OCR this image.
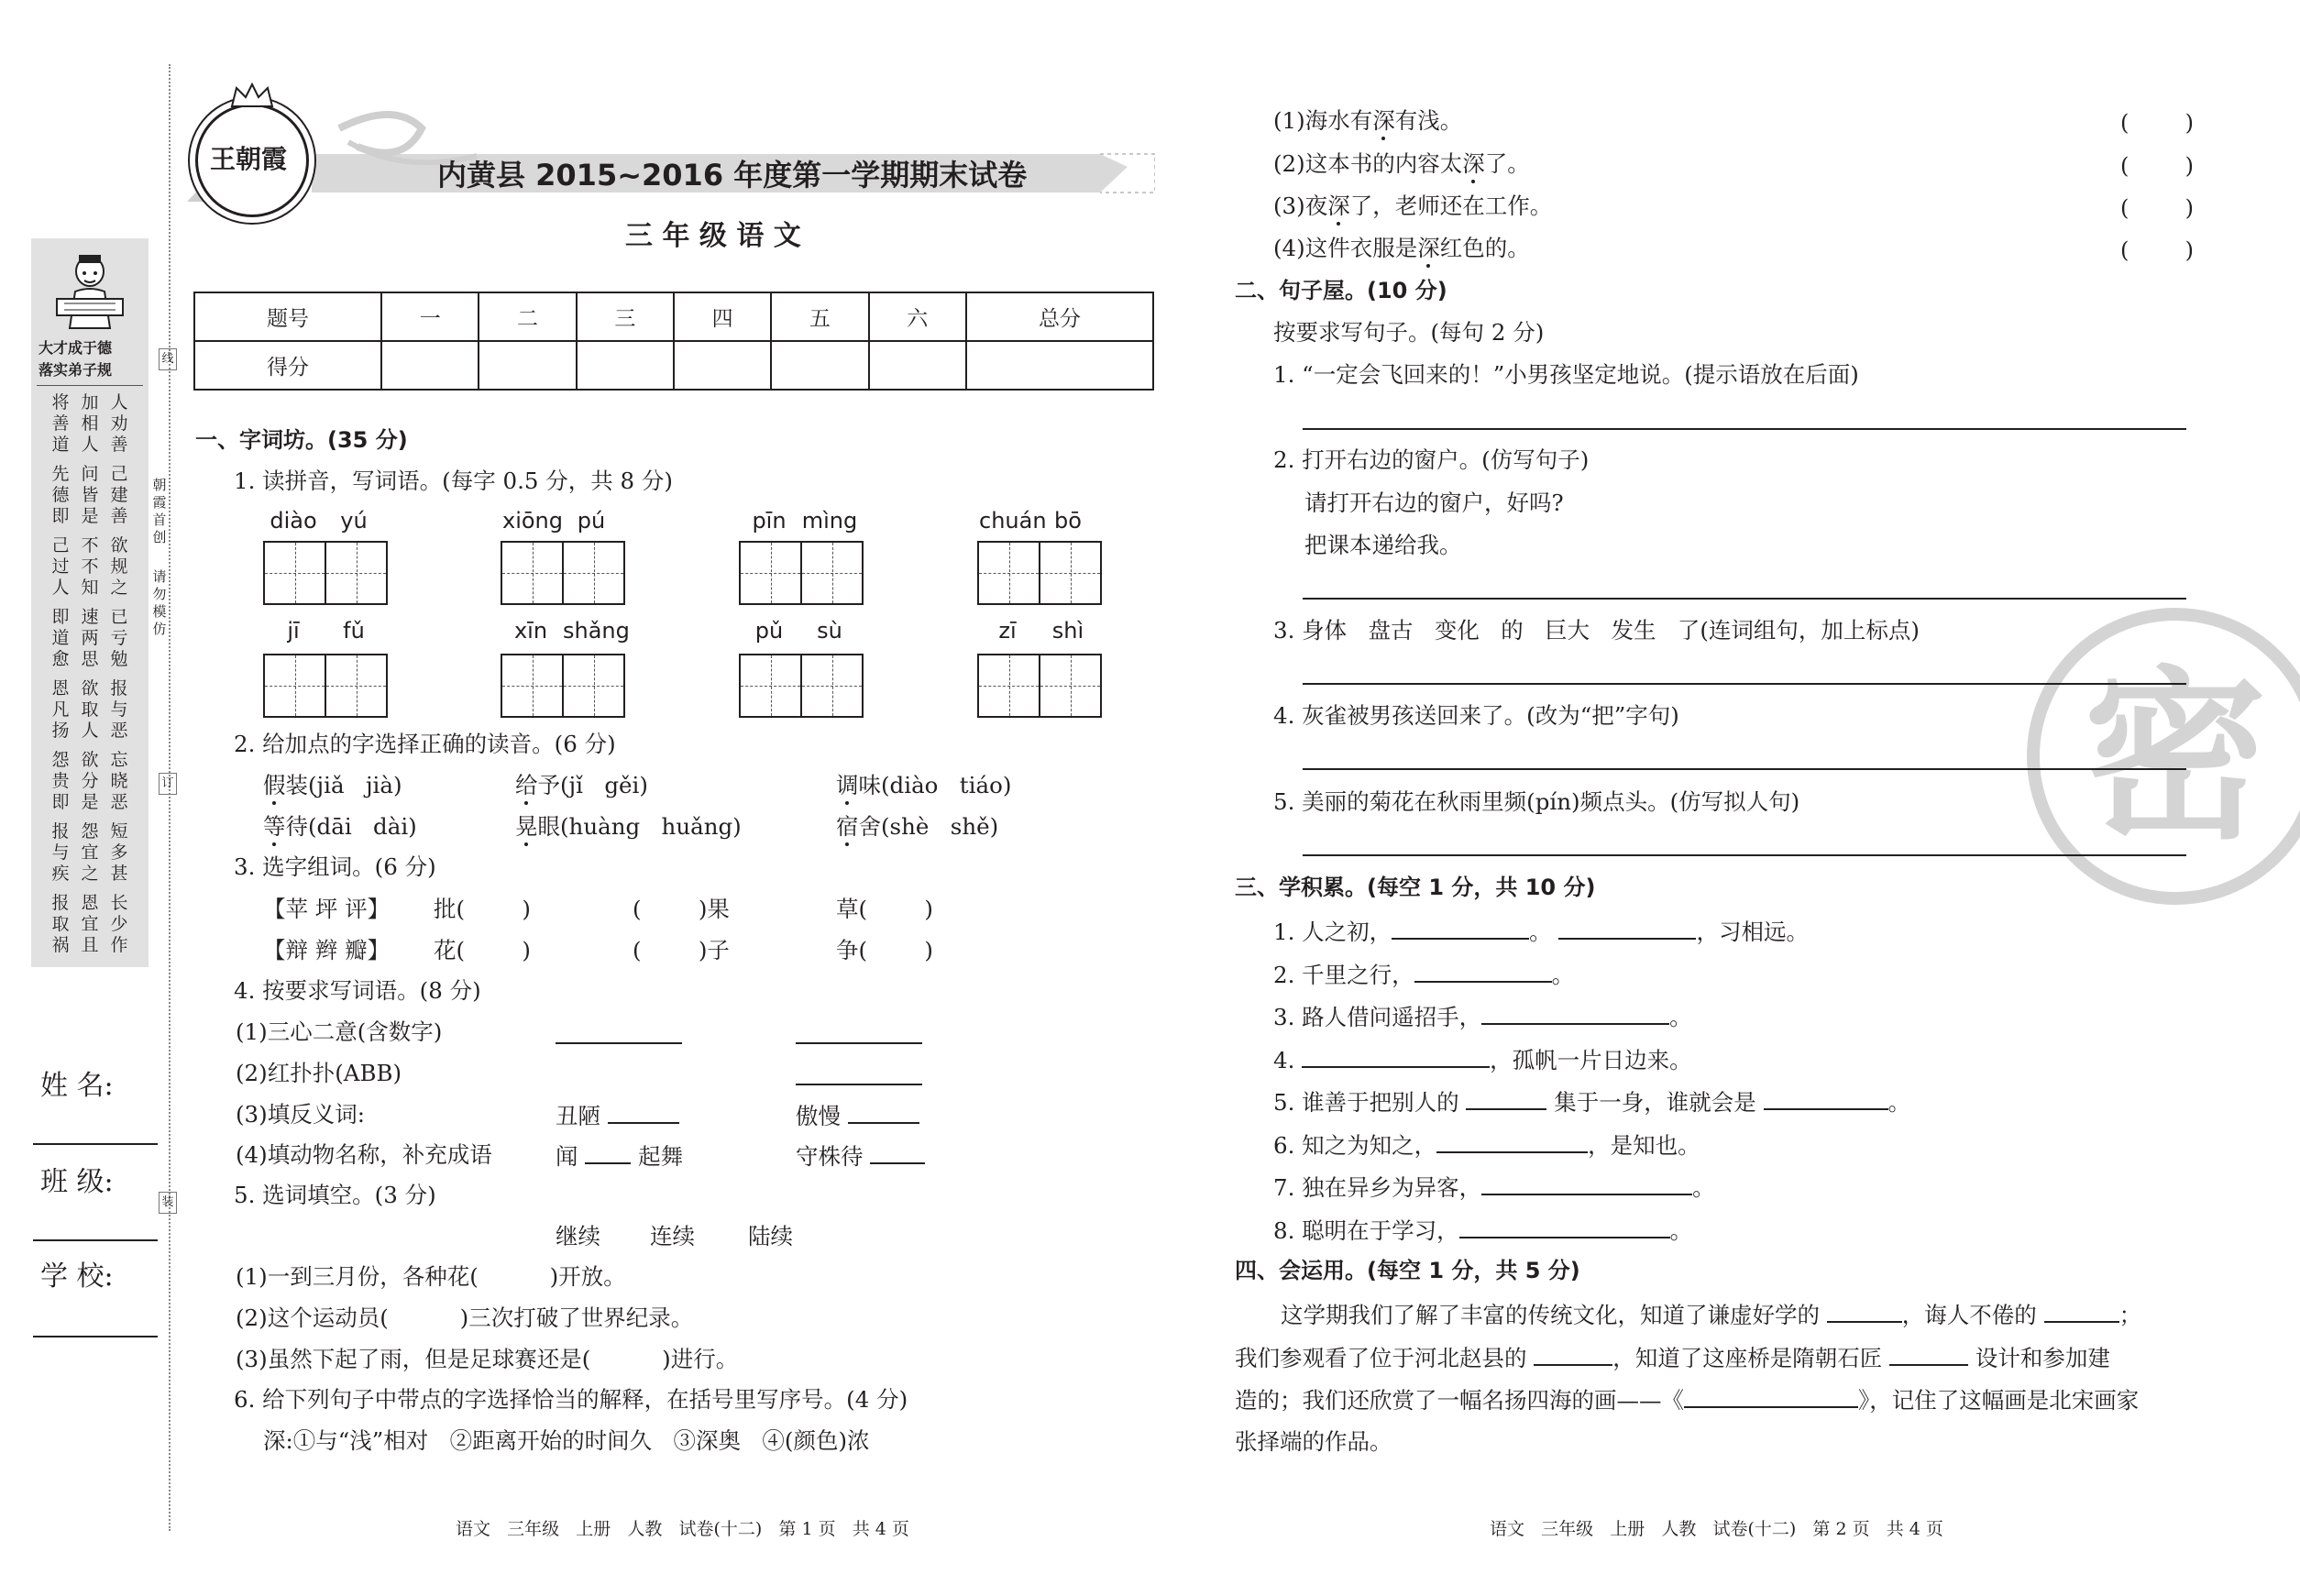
线
订
装
朝霞首创
请勿模仿
大才成于德
落实弟子规
将善道
加相人
人劝善
先德即
问皆是
己建善
己过人
不不知
欲规之
即道愈
速两思
已亏勉
恩凡扬
欲取人
报与恶
怨贵即
欲分是
忘晓恶
报与疾
怨宜之
短多甚
报取祸
恩宜且
长少作
姓 名:
班 级:
学 校:
王朝霞	内黄县 2015~2016 年度第一学期期末试卷
三 年 级 语 文
题号	一	二	三	四	五	六	总分
得分							
一、字词坊。(35 分)
1. 读拼音，写词语。(每字 0.5 分，共 8 分)
diào	yú	xiōng pú	pīn mìng	chuán bō
jī	fǔ	xīn shǎng	pǔ	sù	zī	shì
2. 给加点的字选择正确的读音。(6 分)
假装(jiǎ   jià)	给予(jǐ   gěi)	调味(diào   tiáo)
等待(dāi   dài)	晃眼(huàng   huǎng)	宿舍(shè   shě)
3. 选字组词。(6 分)
【苹 坪 评】
【辩 辫 瓣】
批(        )	(        )果	草(        )
花(        )	(        )子	争(        )
4. 按要求写词语。(8 分)
(1)三心二意(含数字)
(2)红扑扑(ABB)
(3)填反义词:
(4)填动物名称，补充成语
丑陋	傲慢
闻	起舞	守株待
5. 选词填空。(3 分)
继续 连续 陆续
(1)一到三月份，各种花(          )开放。
(2)这个运动员(          )三次打破了世界纪录。
(3)虽然下起了雨，但是足球赛还是(          )进行。
6. 给下列句子中带点的字选择恰当的解释，在括号里写序号。(4 分)
深:①与“浅”相对   ②距离开始的时间久   ③深奥   ④(颜色)浓
语文   三年级   上册   人教   试卷(十二)   第 1 页   共 4 页
密
(1)海水有深有浅。	(	)
(2)这本书的内容太深了。	(	)
(3)夜深了，老师还在工作。	(	)
(4)这件衣服是深红色的。	(	)
二、句子屋。(10 分)
按要求写句子。(每句 2 分)
1. “一定会飞回来的！”小男孩坚定地说。(提示语放在后面)
2. 打开右边的窗户。(仿写句子)
请打开右边的窗户，好吗?
把课本递给我。
3. 身体   盘古   变化   的   巨大   发生   了(连词组句，加上标点)
4. 灰雀被男孩送回来了。(改为“把”字句)
5. 美丽的菊花在秋雨里频(pín)频点头。(仿写拟人句)
三、学积累。(每空 1 分，共 10 分)
1. 人之初，	。	，习相远。
2. 千里之行，	。
3. 路人借问遥招手，	。
4.	，孤帆一片日边来。
5. 谁善于把别人的	集于一身，谁就会是	。
6. 知之为知之，	，是知也。
7. 独在异乡为异客，	。
8. 聪明在于学习，	。
四、会运用。(每空 1 分，共 5 分)
这学期我们了解了丰富的传统文化，知道了谦虚好学的	，诲人不倦的	；
我们参观看了位于河北赵县的	，知道了这座桥是隋朝石匠	设计和参加建
造的；我们还欣赏了一幅名扬四海的画——《	》，记住了这幅画是北宋画家
张择端的作品。
语文   三年级   上册   人教   试卷(十二)   第 2 页   共 4 页
